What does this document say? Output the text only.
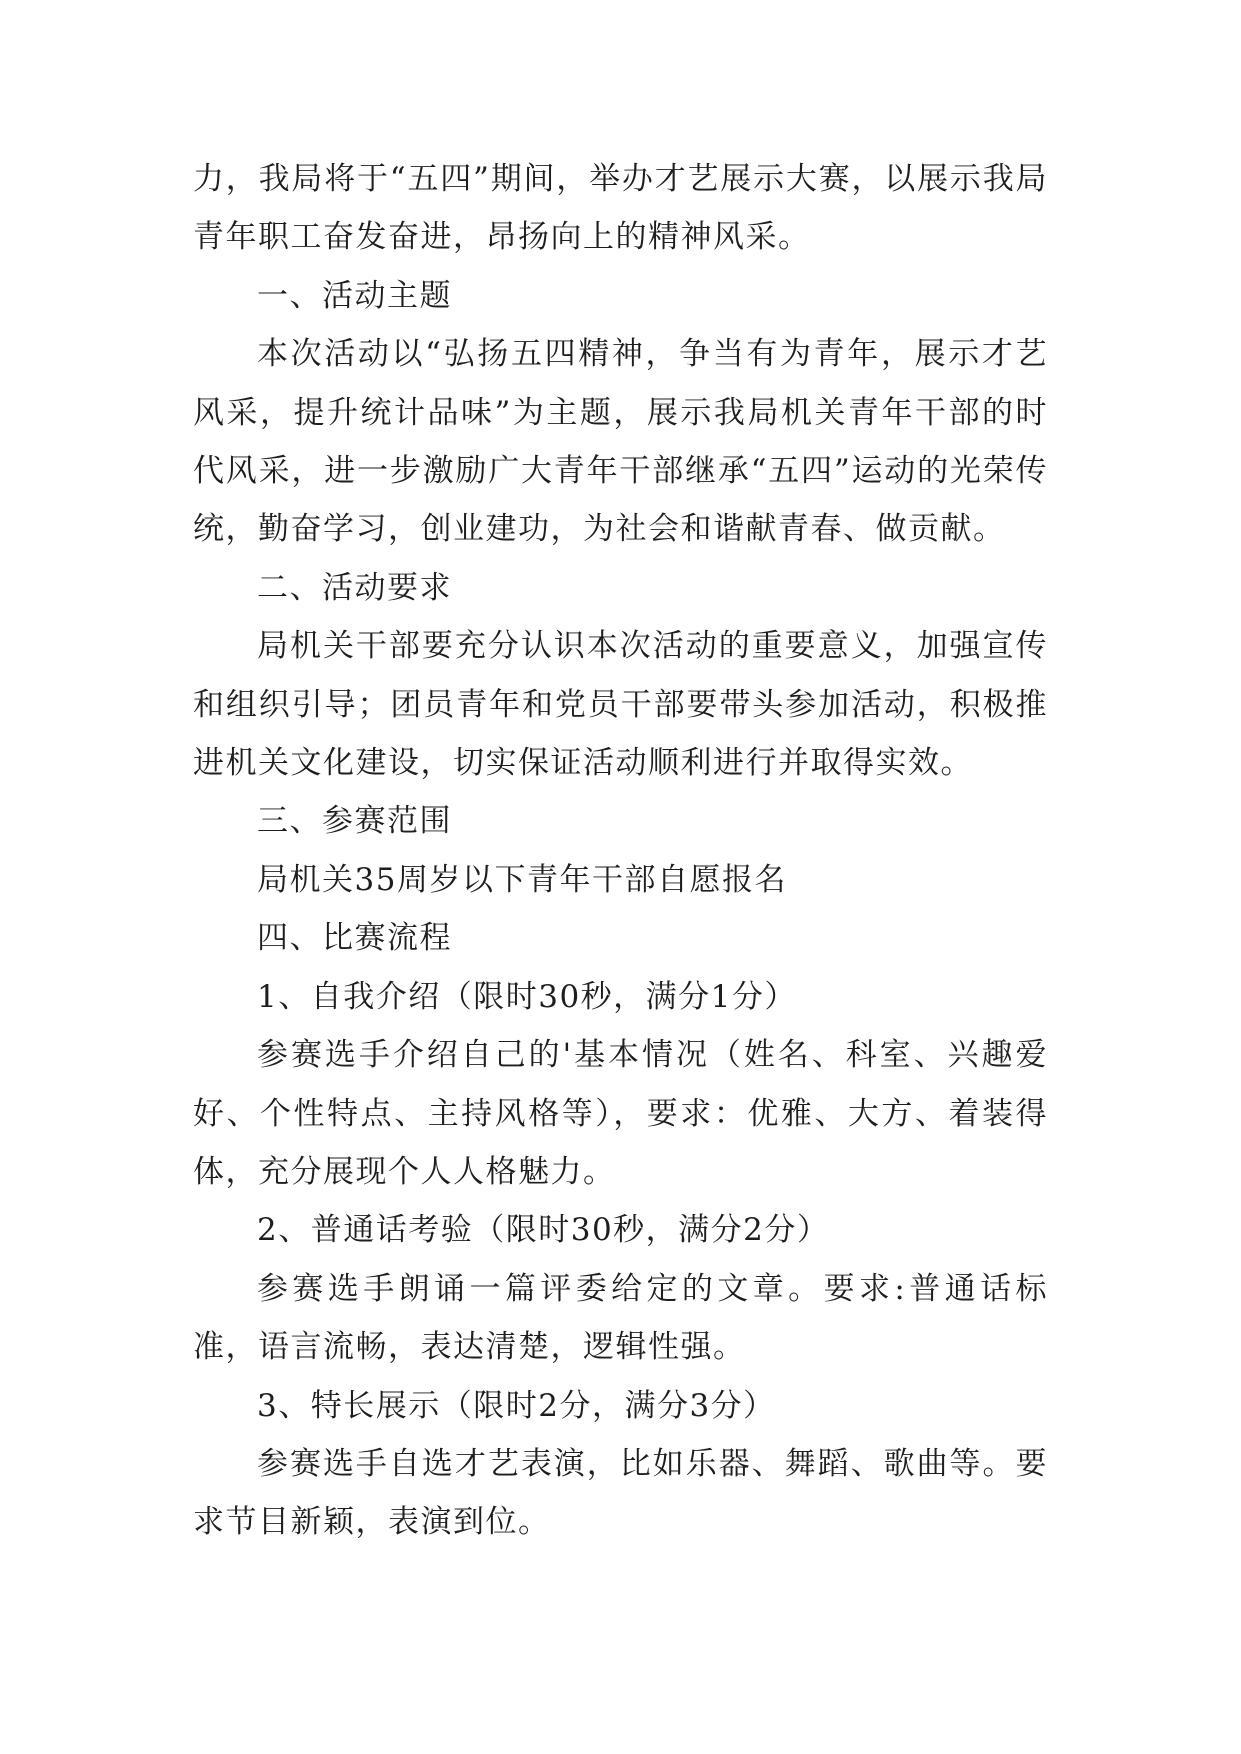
力，我局将于“五四”期间，举办才艺展示大赛，以展示我局青年职工奋发奋进，昂扬向上的精神风采。

一、活动主题

本次活动以“弘扬五四精神，争当有为青年，展示才艺风采，提升统计品味”为主题，展示我局机关青年干部的时代风采，进一步激励广大青年干部继承“五四”运动的光荣传统，勤奋学习，创业建功，为社会和谐献青春、做贡献。

二、活动要求

局机关干部要充分认识本次活动的重要意义，加强宣传和组织引导；团员青年和党员干部要带头参加活动，积极推进机关文化建设，切实保证活动顺利进行并取得实效。

三、参赛范围

局机关35周岁以下青年干部自愿报名

四、比赛流程

1、自我介绍（限时30秒，满分1分）

参赛选手介绍自己的'基本情况（姓名、科室、兴趣爱好、个性特点、主持风格等），要求：优雅、大方、着装得体，充分展现个人人格魅力。

2、普通话考验（限时30秒，满分2分）

参赛选手朗诵一篇评委给定的文章。要求:普通话标准，语言流畅，表达清楚，逻辑性强。

3、特长展示（限时2分，满分3分）

参赛选手自选才艺表演，比如乐器、舞蹈、歌曲等。要求节目新颖，表演到位。
